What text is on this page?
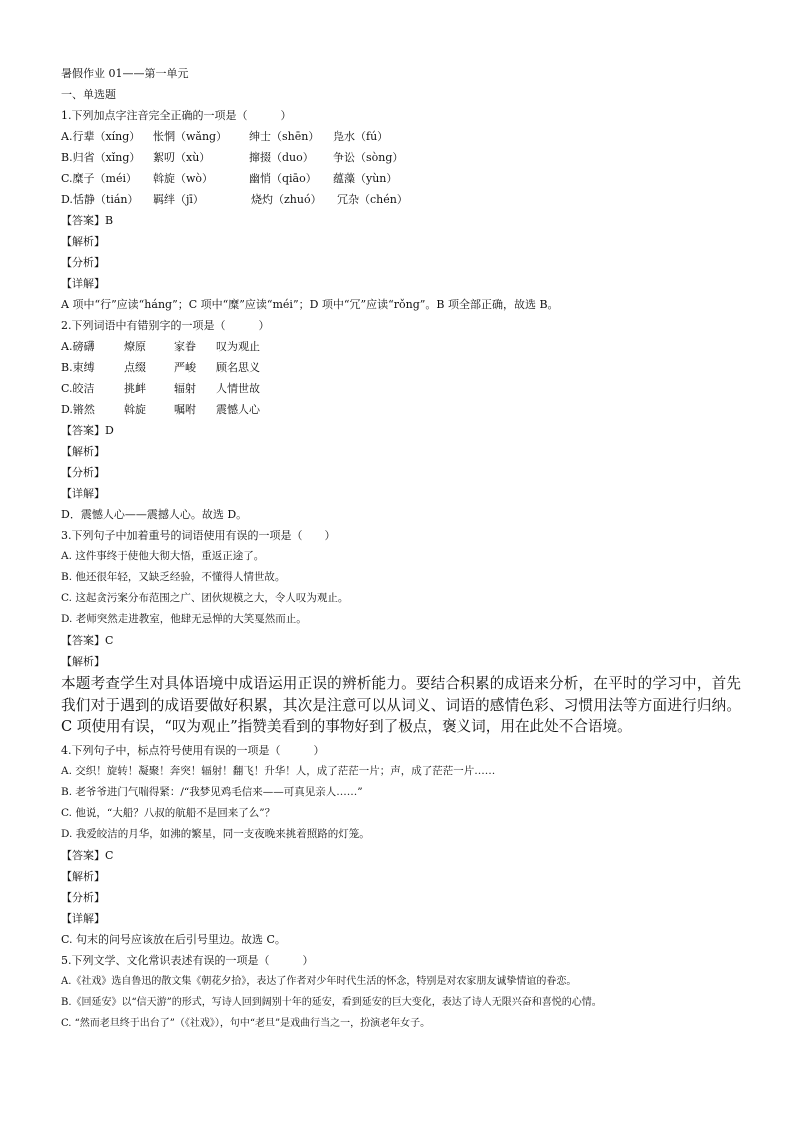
暑假作业 01——第一单元
一、单选题
1.下列加点字注音完全正确的一项是（　　　）
A.行辈（xíng）	怅惘（wǎng）	绅士（shēn）	凫水（fú）
B.归省（xǐng）	絮叨（xù）	撺掇（duo）	争讼（sòng）
C.糜子（méi）	斡旋（wò）	幽悄（qiāo）	蕴藻（yùn）
D.恬静（tián）	羁绊（jī）	烧灼（zhuó）	冗杂（chén）
【答案】B
【解析】
【分析】
【详解】
A 项中“行”应读“háng”；C 项中“糜”应读“méi”；D 项中“冗”应读“rǒng”。B 项全部正确，故选 B。
2.下列词语中有错别字的一项是（　　　）
A.磅礴	燎原	家眷	叹为观止
B.束缚	点缀	严峻	顾名思义
C.皎洁	挑衅	辐射	人情世故
D.锵然	斡旋	嘱咐	震憾人心
【答案】D
【解析】
【分析】
【详解】
D．震憾人心——震撼人心。故选 D。
3.下列句子中加着重号的词语使用有误的一项是（　　）
A. 这件事终于使他大彻大悟，重返正途了。
B. 他还很年轻，又缺乏经验，不懂得人情世故。
C. 这起贪污案分布范围之广、团伙规模之大，令人叹为观止。
D. 老师突然走进教室，他肆无忌惮的大笑戛然而止。
【答案】C
【解析】
本题考查学生对具体语境中成语运用正误的辨析能力。要结合积累的成语来分析，在平时的学习中，首先我们对于遇到的成语要做好积累，其次是注意可以从词义、词语的感情色彩、习惯用法等方面进行归纳。C 项使用有误，“叹为观止”指赞美看到的事物好到了极点，褒义词，用在此处不合语境。
4.下列句子中，标点符号使用有误的一项是（　　　）
A. 交织！旋转！凝聚！奔突！辐射！翻飞！升华！人，成了茫茫一片；声，成了茫茫一片……
B. 老爷爷进门气喘得紧：/“我梦见鸡毛信来——可真见亲人……”
C. 他说，“大船？八叔的航船不是回来了么”？
D. 我爱皎洁的月华，如沸的繁星，同一支夜晚来挑着照路的灯笼。
【答案】C
【解析】
【分析】
【详解】
C. 句末的问号应该放在后引号里边。故选 C。
5.下列文学、文化常识表述有误的一项是（　　　）
A.《社戏》选自鲁迅的散文集《朝花夕拾》，表达了作者对少年时代生活的怀念，特别是对农家朋友诚挚情谊的眷恋。
B.《回延安》以“信天游”的形式，写诗人回到阔别十年的延安，看到延安的巨大变化，表达了诗人无限兴奋和喜悦的心情。
C. “然而老旦终于出台了”（《社戏》），句中“老旦”是戏曲行当之一，扮演老年女子。
